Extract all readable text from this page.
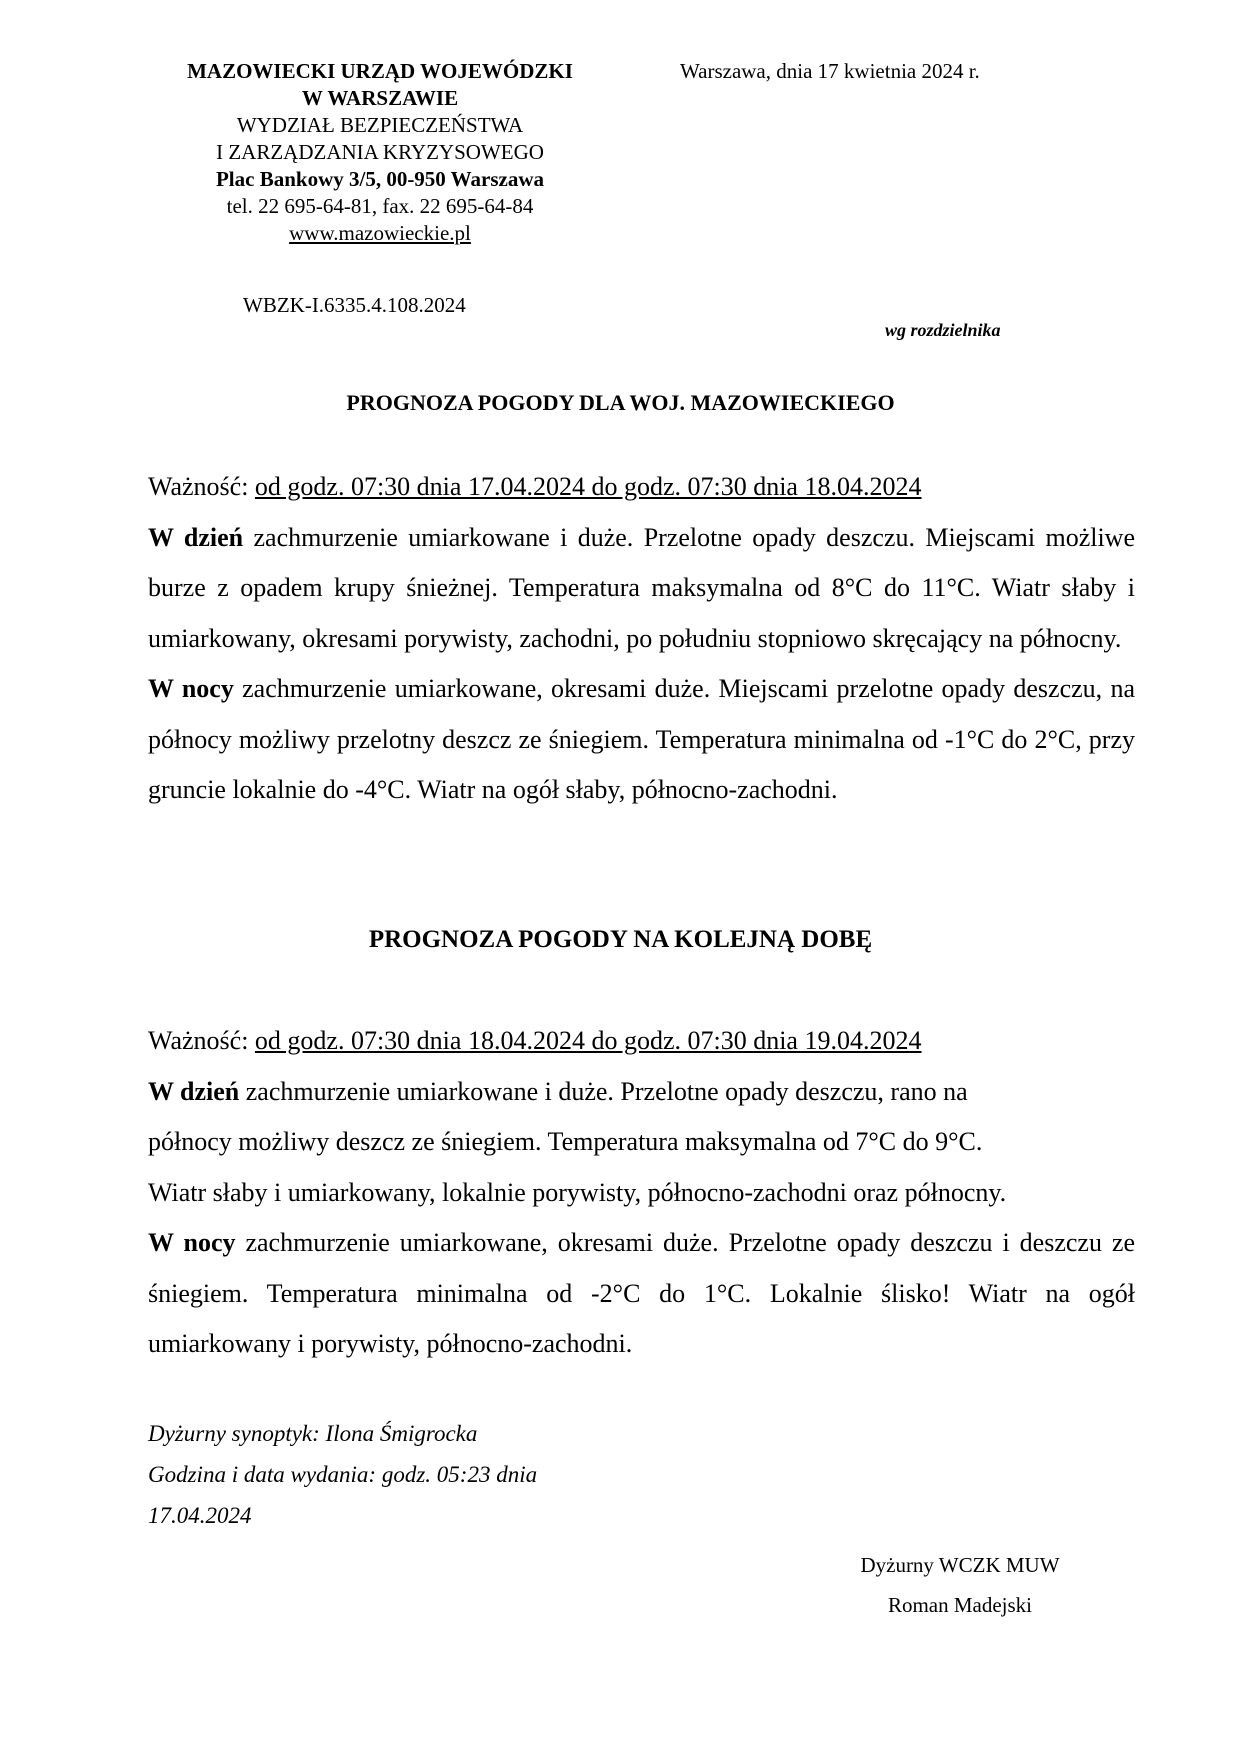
MAZOWIECKI URZĄD WOJEWÓDZKI
W WARSZAWIE
WYDZIAŁ BEZPIECZEŃSTWA
I ZARZĄDZANIA KRYZYSOWEGO
Plac Bankowy 3/5, 00-950 Warszawa
tel. 22 695-64-81, fax. 22 695-64-84
www.mazowieckie.pl
Warszawa, dnia 17 kwietnia 2024 r.
WBZK-I.6335.4.108.2024
wg rozdzielnika
PROGNOZA POGODY DLA WOJ. MAZOWIECKIEGO

Ważność: od godz. 07:30 dnia 17.04.2024 do godz. 07:30 dnia 18.04.2024

W dzień zachmurzenie umiarkowane i duże. Przelotne opady deszczu. Miejscami możliwe burze z opadem krupy śnieżnej. Temperatura maksymalna od 8°C do 11°C. Wiatr słaby i umiarkowany, okresami porywisty, zachodni, po południu stopniowo skręcający na północny.

W nocy zachmurzenie umiarkowane, okresami duże. Miejscami przelotne opady deszczu, na północy możliwy przelotny deszcz ze śniegiem. Temperatura minimalna od -1°C do 2°C, przy gruncie lokalnie do -4°C. Wiatr na ogół słaby, północno-zachodni.

PROGNOZA POGODY NA KOLEJNĄ DOBĘ

Ważność: od godz. 07:30 dnia 18.04.2024 do godz. 07:30 dnia 19.04.2024

W dzień zachmurzenie umiarkowane i duże. Przelotne opady deszczu, rano na
północy możliwy deszcz ze śniegiem. Temperatura maksymalna od 7°C do 9°C.
Wiatr słaby i umiarkowany, lokalnie porywisty, północno-zachodni oraz północny.

W nocy zachmurzenie umiarkowane, okresami duże. Przelotne opady deszczu i deszczu ze śniegiem. Temperatura minimalna od -2°C do 1°C. Lokalnie ślisko! Wiatr na ogół umiarkowany i porywisty, północno-zachodni.

Dyżurny synoptyk: Ilona Śmigrocka
Godzina i data wydania: godz. 05:23 dnia
17.04.2024
Dyżurny WCZK MUW
Roman Madejski
